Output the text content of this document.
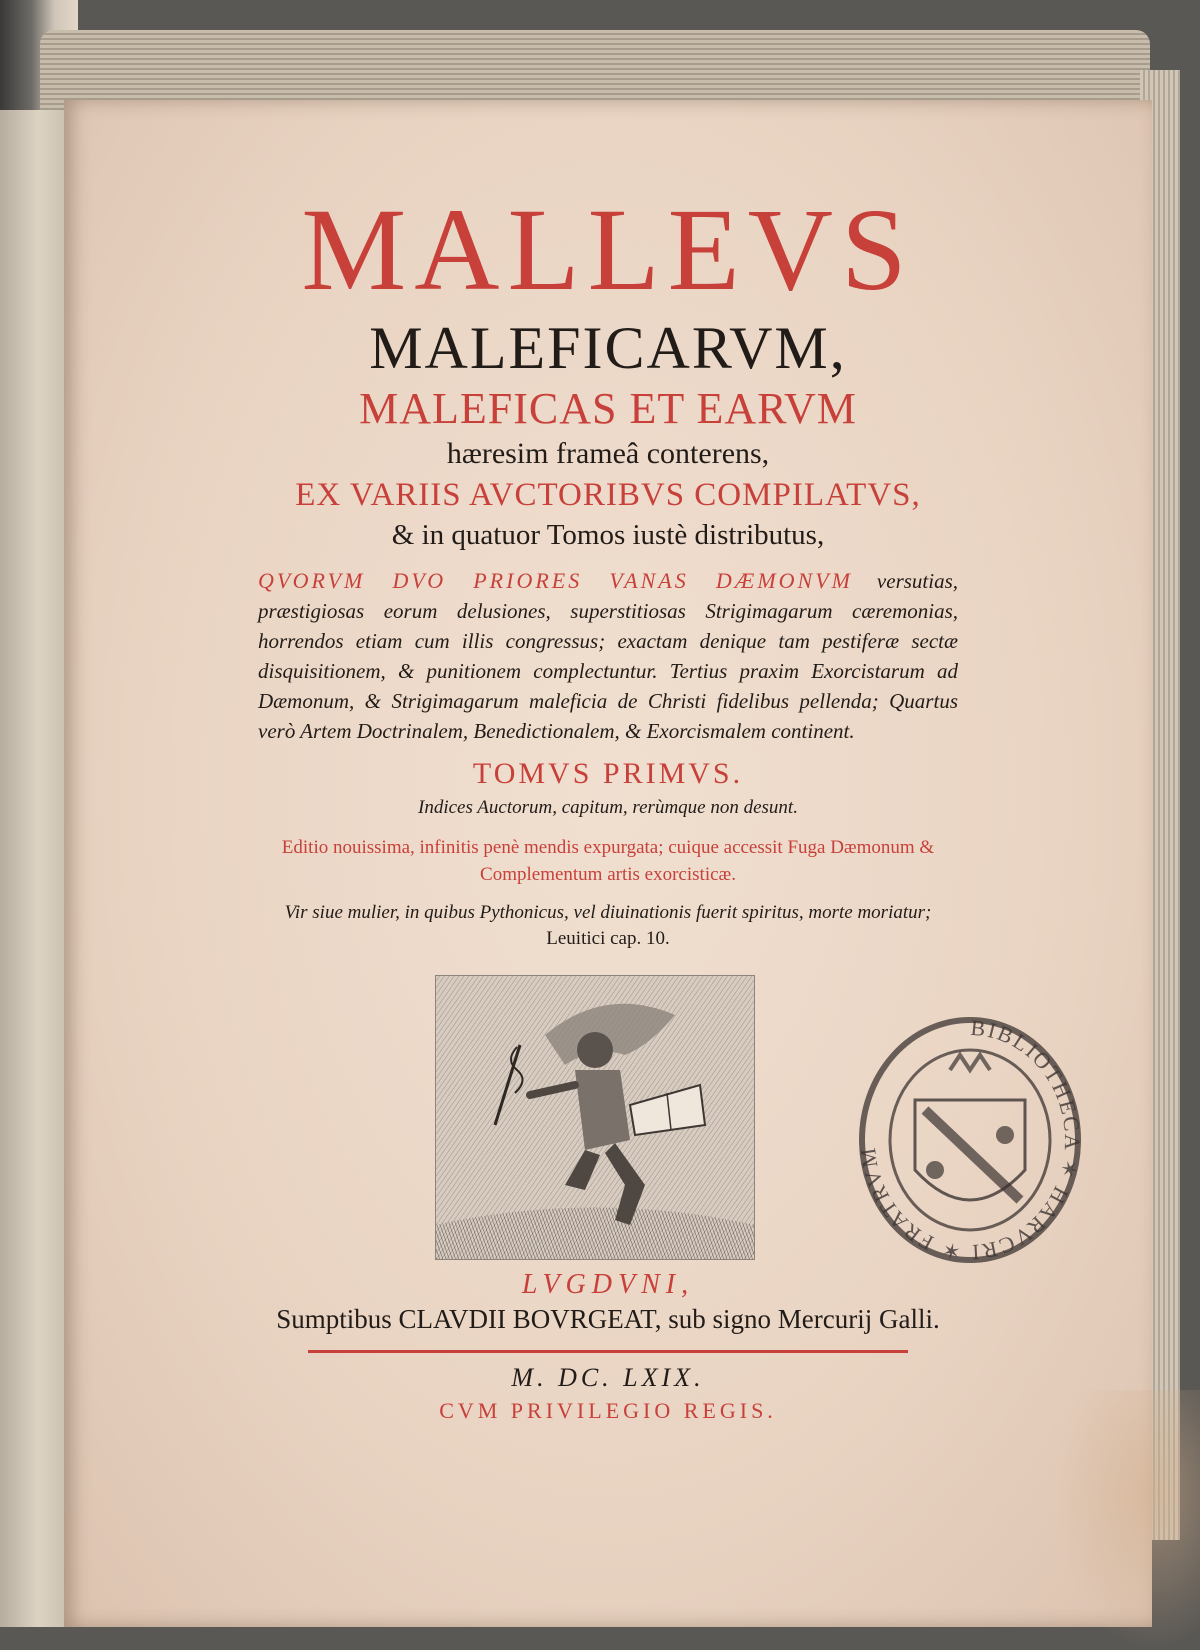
MALLEVS

MALEFICARVM,

MALEFICAS ET EARVM

hæresim frameâ conterens,

EX VARIIS AVCTORIBVS COMPILATVS,

& in quatuor Tomos iustè distributus,

QVORVM DVO PRIORES VANAS DÆMONVM versutias, præstigiosas eorum delusiones, superstitiosas Strigimagarum cæremonias, horrendos etiam cum illis congressus; exactam denique tam pestiferæ sectæ disquisitionem, & punitionem complectuntur. Tertius praxim Exorcistarum ad Dæmonum, & Strigimagarum maleficia de Christi fidelibus pellenda; Quartus verò Artem Doctrinalem, Benedictionalem, & Exorcismalem continent.

TOMVS PRIMVS.

Indices Auctorum, capitum, rerùmque non desunt.

Editio nouissima, infinitis penè mendis expurgata; cuique accessit Fuga Dæmonum & Complementum artis exorcisticæ.

Vir siue mulier, in quibus Pythonicus, vel diuinationis fuerit spiritus, morte moriatur;

Leuitici cap. 10.

BIBLIOTHECA ✶ HARVCRI ✶ FRATRVM

LVGDVNI,

Sumptibus CLAVDII BOVRGEAT, sub signo Mercurij Galli.

M. DC. LXIX.

CVM PRIVILEGIO REGIS.
